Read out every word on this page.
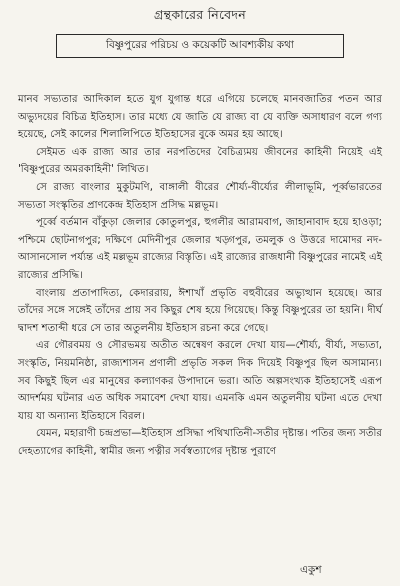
গ্রন্থকারের নিবেদন
বিষ্ণুপুরের পরিচয় ও কয়েকটি আবশ্যকীয় কথা

মানব সভ্যতার আদিকাল হতে যুগ যুগান্ত ধরে এগিয়ে চলেছে মানবজাতির পতন আর অভ্যুদয়ের বিচিত্র ইতিহাস। তার মধ্যে যে জাতি যে রাজ্য বা যে ব্যক্তি অসাধারণ বলে গণ্য হয়েছে, সেই কালের শিলালিপিতে ইতিহাসের বুকে অমর হয় আছে।

সেইমত এক রাজ্য আর তার নরপতিদের বৈচিত্র্যময় জীবনের কাহিনী নিয়েই এই 'বিষ্ণুপুরের অমরকাহিনী' লিখিত।

সে রাজ্য বাংলার মুকুটমণি, বাঙ্গালী বীরের শৌর্য্য-বীর্য্যের লীলাভূমি, পূর্ব্বভারতের সভ্যতা সংস্কৃতির প্রাণকেন্দ্র ইতিহাস প্রসিদ্ধ মল্লভূম।

পূর্ব্বে বর্তমান বাঁকুড়া জেলার কোতুলপুর, হুগলীর আরামবাগ, জাহানাবাদ হয়ে হাওড়া; পশ্চিমে ছোটনাগপুর; দক্ষিণে মেদিনীপুর জেলার খড়্গপুর, তমলুক ও উত্তরে দামোদর নদ-আসানসোল পর্য্যন্ত এই মল্লভূম রাজ্যের বিস্তৃতি। এই রাজ্যের রাজধানী বিষ্ণুপুরের নামেই এই রাজ্যের প্রসিদ্ধি।

বাংলায় প্রতাপাদিত্য, কেদাররায়, ঈশাখাঁ প্রভৃতি বহুবীরের অভ্যুত্থান হয়েছে। আর তাঁদের সঙ্গে সঙ্গেই তাঁদের প্রায় সব কিছুর শেষ হয়ে গিয়েছে। কিন্তু বিষ্ণুপুরের তা হয়নি। দীর্ঘ দ্বাদশ শতাব্দী ধরে সে তার অতুলনীয় ইতিহাস রচনা করে গেছে।

এর গৌরবময় ও সৌরভময় অতীত অন্বেষণ করলে দেখা যায়—শৌর্য্য, বীর্য্য, সভ্যতা, সংস্কৃতি, নিয়মনিষ্ঠা, রাজ্যশাসন প্রণালী প্রভৃতি সকল দিক দিয়েই বিষ্ণুপুর ছিল অসামান্য। সব কিছুই ছিল এর মানুষের কল্যাণকর উপাদানে ভরা। অতি অল্পসংখ্যক ইতিহাসেই এরূপ আদর্শময় ঘটনার এত অধিক সমাবেশ দেখা যায়। এমনকি এমন অতুলনীয় ঘটনা এতে দেখা যায় যা অন্যান্য ইতিহাসে বিরল।

যেমন, মহারাণী চন্দ্রপ্রভা—ইতিহাস প্রসিদ্ধা পথিখাতিনী-সতীর দৃষ্টান্ত। পতির জন্য সতীর দেহত্যাগের কাহিনী, স্বামীর জন্য পত্নীর সর্বস্বত্যাগের দৃষ্টান্ত পুরাণে

একুশ
